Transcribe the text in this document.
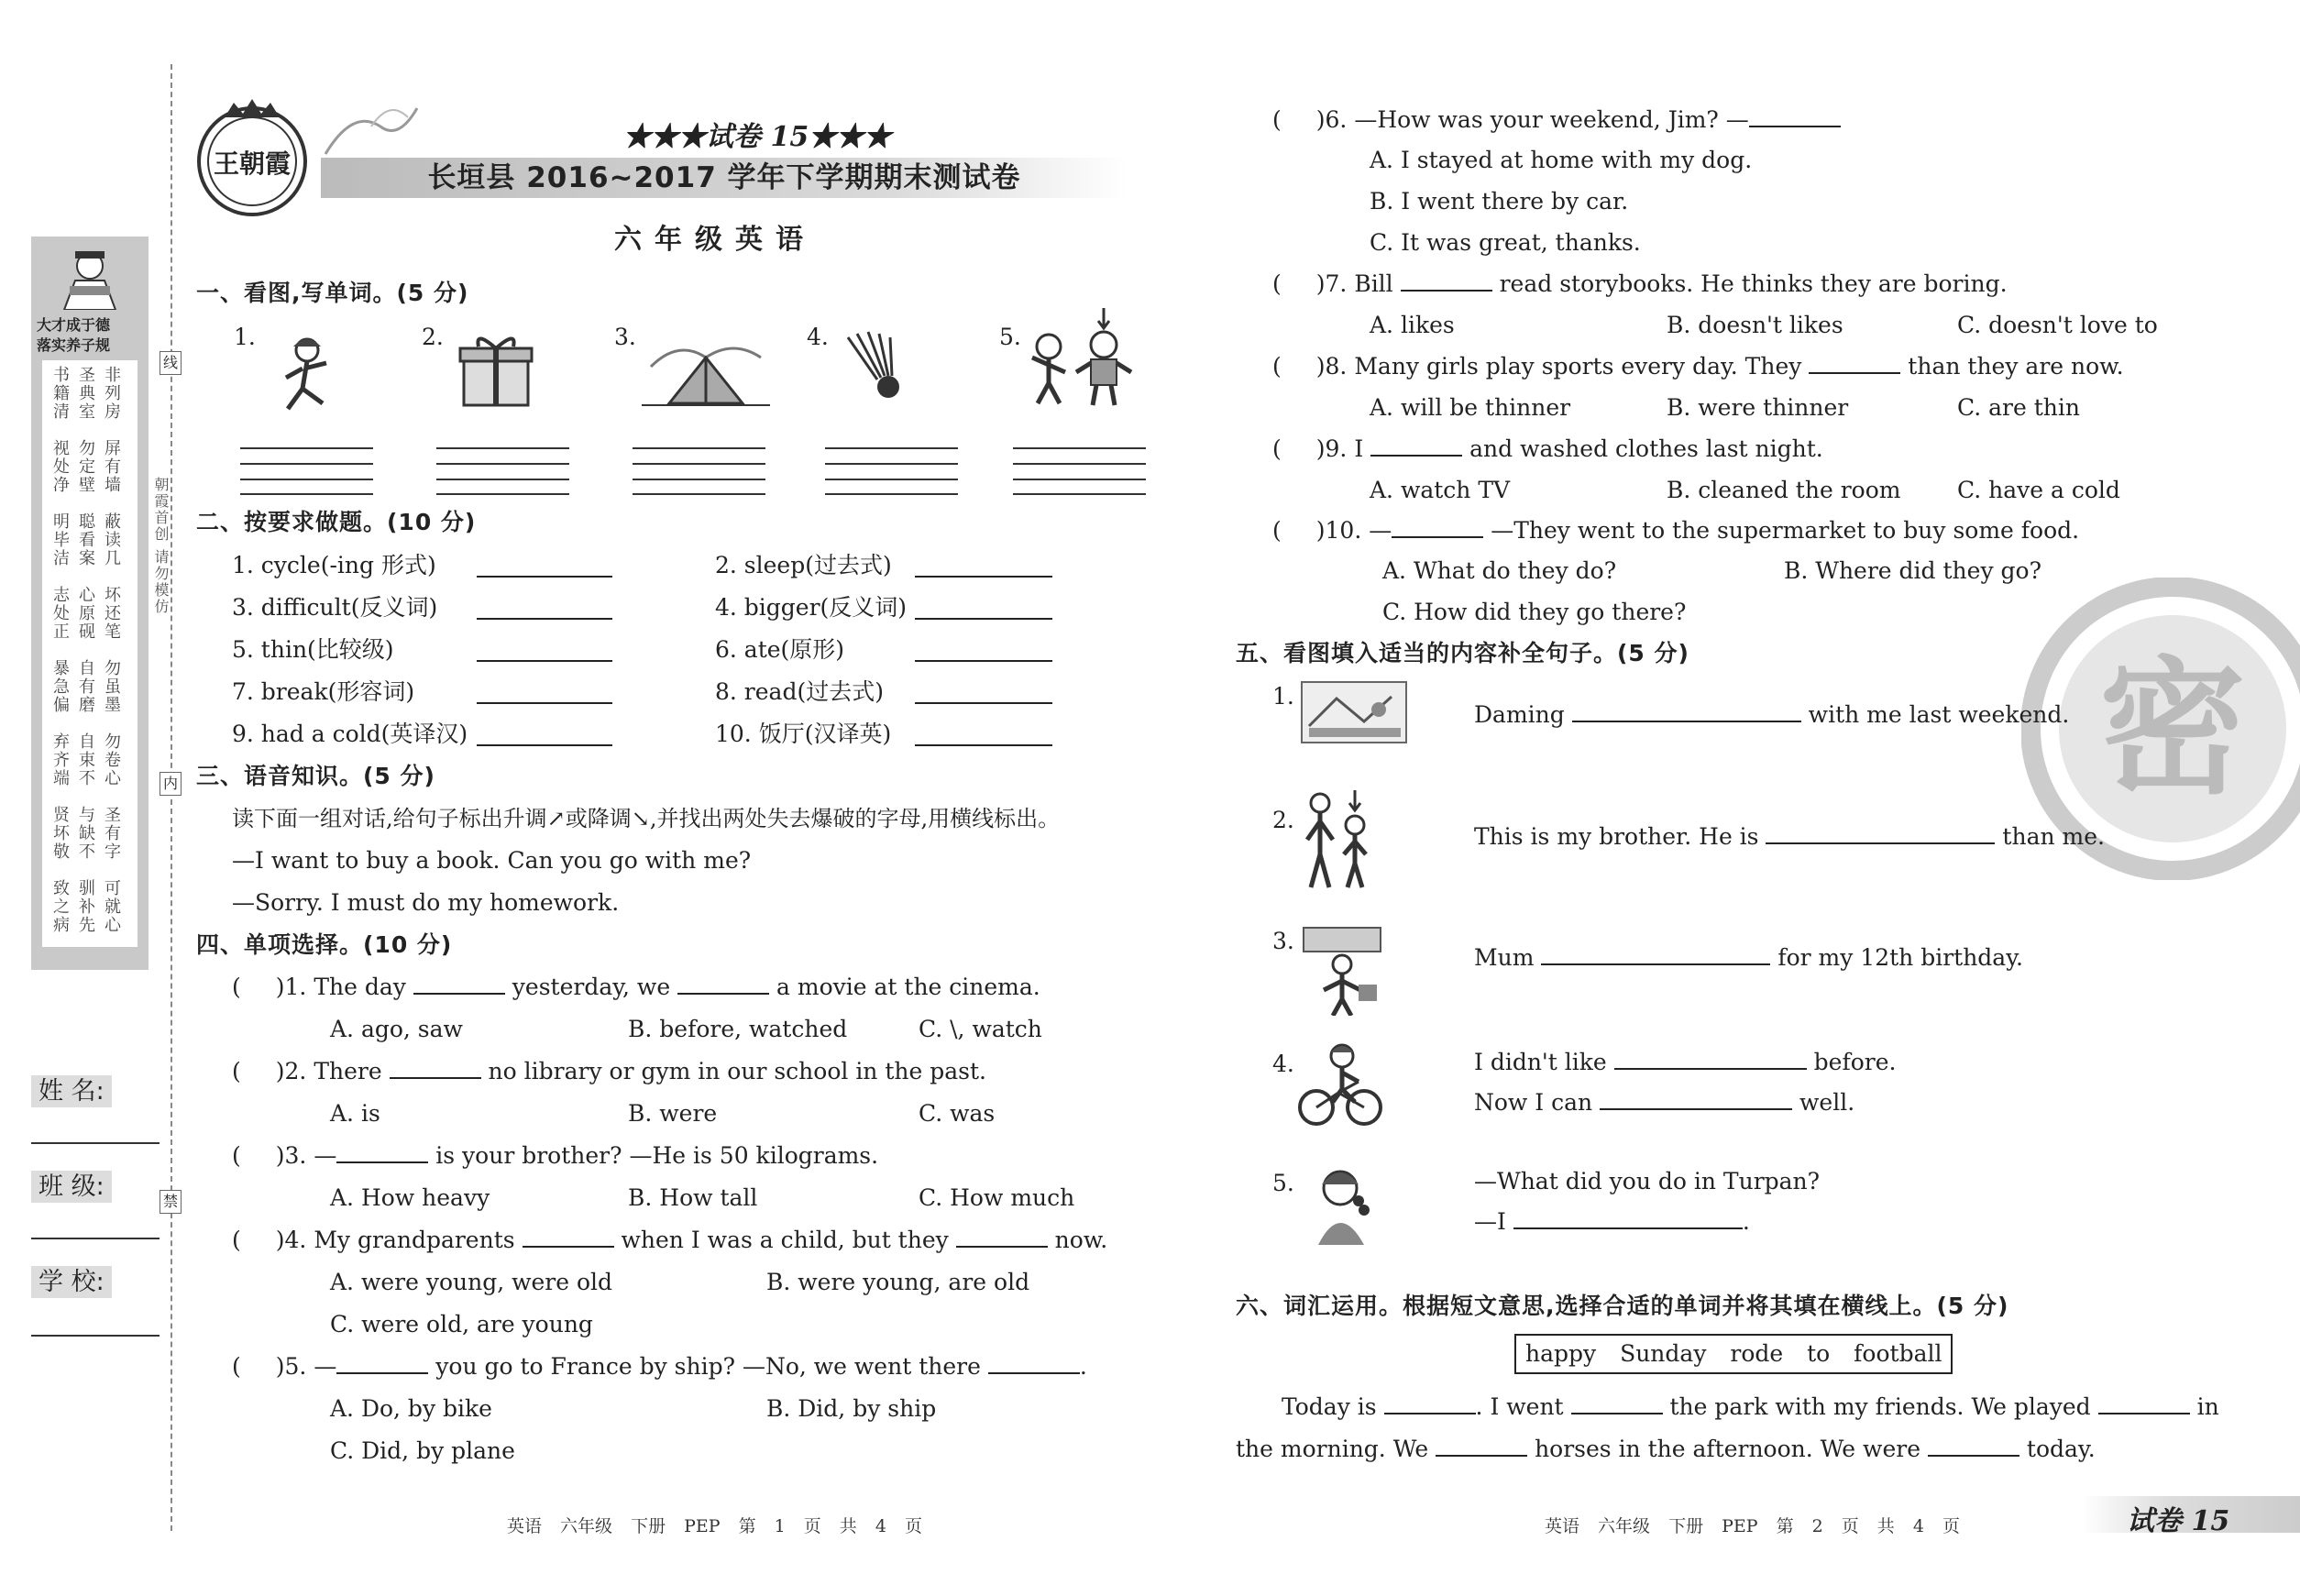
大才成于德
落实养子规
非列房
圣典室
书籍清
屏有墙
勿定壁
视处净
蔽读几
聪看案
明毕洁
坏还笔
心原砚
志处正
勿虽墨
自有磨
暴急偏
勿卷心
自束不
弃齐端
圣有字
与缺不
贤坏敬
可就心
驯补先
致之病
线
内
禁
朝霞首创 请勿模仿
姓 名:
班 级:
学 校:
王朝霞
★★★试卷 15★★★
长垣县 2016~2017 学年下学期期末测试卷
六年级英语
一、看图,写单词。(5 分)
1.	2.	3.	4.	5.
二、按要求做题。(10 分)
1. cycle(-ing 形式)	2. sleep(过去式)
3. difficult(反义词)	4. bigger(反义词)
5. thin(比较级)	6. ate(原形)
7. break(形容词)	8. read(过去式)
9. had a cold(英译汉)	10. 饭厅(汉译英)
三、语音知识。(5 分)
读下面一组对话,给句子标出升调↗或降调↘,并找出两处失去爆破的字母,用横线标出。
—I want to buy a book. Can you go with me?
—Sorry. I must do my homework.
四、单项选择。(10 分)
( )1. The day	yesterday, we	a movie at the cinema.
A. ago, saw	B. before, watched	C. \, watch
( )2. There	no library or gym in our school in the past.
A. is	B. were	C. was
( )3. —	is your brother? —He is 50 kilograms.
A. How heavy	B. How tall	C. How much
( )4. My grandparents	when I was a child, but they	now.
A. were young, were old	B. were young, are old
C. were old, are young
( )5. —	you go to France by ship? —No, we went there	.
A. Do, by bike	B. Did, by ship
C. Did, by plane
英语 六年级 下册 PEP 第 1 页 共 4 页
密
( )6. —How was your weekend, Jim? —
A. I stayed at home with my dog.
B. I went there by car.
C. It was great, thanks.
( )7. Bill	read storybooks. He thinks they are boring.
A. likes	B. doesn't likes	C. doesn't love to
( )8. Many girls play sports every day. They	than they are now.
A. will be thinner	B. were thinner	C. are thin
( )9. I	and washed clothes last night.
A. watch TV	B. cleaned the room C. have a cold
( )10. —	—They went to the supermarket to buy some food.
A. What do they do?	B. Where did they go?
C. How did they go there?
五、看图填入适当的内容补全句子。(5 分)
1.
Daming	with me last weekend.
2.
This is my brother. He is	than me.
3.
Mum	for my 12th birthday.
4.	I didn't like	before.
Now I can	well.
5.	—What did you do in Turpan?
—I	.
六、词汇运用。根据短文意思,选择合适的单词并将其填在横线上。(5 分)
happy Sunday rode to football
Today is	. I went	the park with my friends. We played	in
the morning. We	horses in the afternoon. We were	today.
英语 六年级 下册 PEP 第 2 页 共 4 页	试卷 15
